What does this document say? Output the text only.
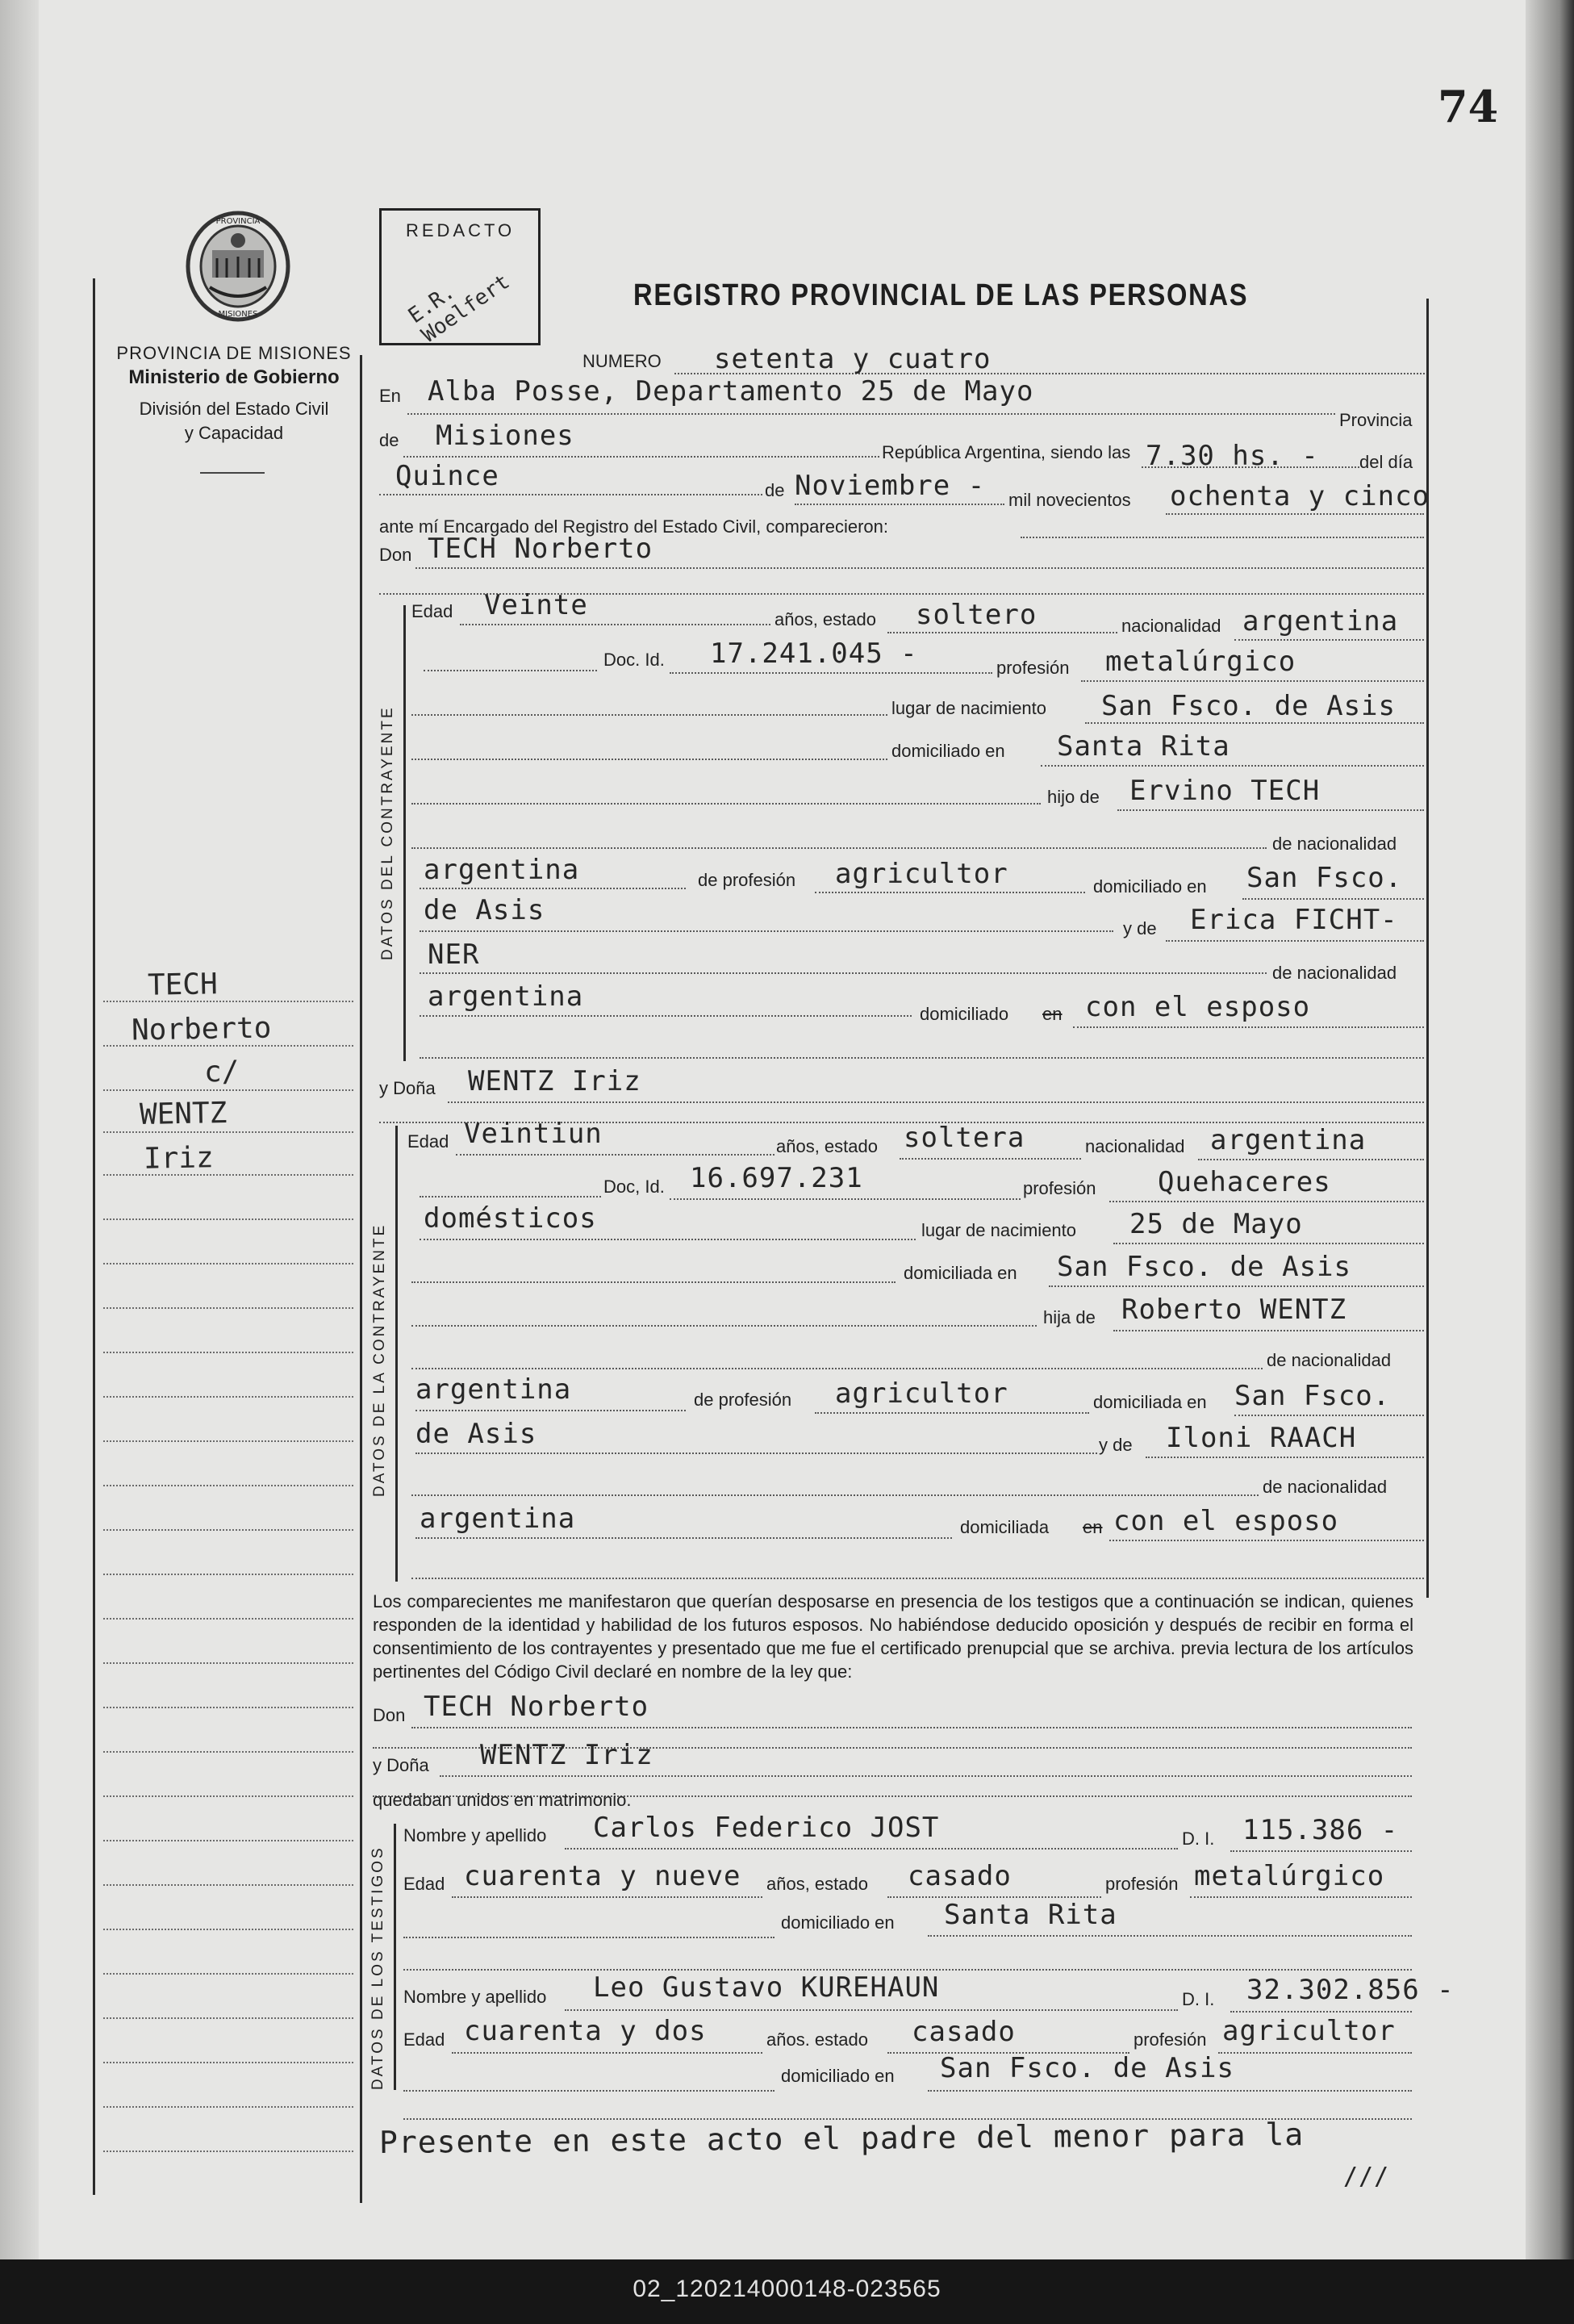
74
PROVINCIA
MISIONES
PROVINCIA DE MISIONES
Ministerio de Gobierno
División del Estado Civil
y Capacidad
TECH
Norberto
c/
WENTZ
Iriz
REDACTO
E.R. Woelfert	REGISTRO PROVINCIAL DE LAS PERSONAS
NUMERO setenta y cuatro
En Alba Posse, Departamento 25 de Mayo
Provincia
de Misiones
República Argentina, siendo las 7.30 hs. - del día
Quince	de Noviembre - mil novecientos ochenta y cinco
ante mí Encargado del Registro del Estado Civil, comparecieron:
Don TECH Norberto
DATOS DEL CONTRAYENTE
Edad Veinte	años, estado soltero	nacionalidad argentina
Doc. Id. 17.241.045 -	profesión metalúrgico
lugar de nacimiento San Fsco. de Asis
domiciliado en Santa Rita
hijo de Ervino TECH
de nacionalidad
argentina	de profesión agricultor	domiciliado en San Fsco.
de Asis
y de Erica FICHT-
NER
de nacionalidad
argentina
domiciliado en con el esposo
y Doña WENTZ Iriz
DATOS DE LA CONTRAYENTE
Edad Veintiun	años, estado soltera	nacionalidad argentina
Doc, Id. 16.697.231	profesión Quehaceres
domésticos	lugar de nacimiento 25 de Mayo
domiciliada en San Fsco. de Asis
hija de Roberto WENTZ
de nacionalidad
argentina	de profesión agricultor	domiciliada en San Fsco.
de Asis	y de Iloni RAACH
de nacionalidad
argentina	domiciliada en con el esposo
Los comparecientes me manifestaron que querían desposarse en presencia de los testigos que a continuación se indican, quienes responden de la identidad y habilidad de los futuros esposos. No habiéndose deducido oposición y después de recibir en forma el consentimiento de los contrayentes y presentado que me fue el certificado prenupcial que se archiva. previa lectura de los artículos pertinentes del Código Civil declaré en nombre de la ley que:
Don TECH Norberto
y Doña WENTZ Iriz
quedaban unidos en matrimonio.
DATOS DE LOS TESTIGOS
Nombre y apellido Carlos Federico JOST	D. I. 115.386 -
Edad cuarenta y nueve años, estado casado	profesión metalúrgico
domiciliado en Santa Rita
Nombre y apellido Leo Gustavo KUREHAUN	D. I. 32.302.856 -
Edad cuarenta y dos	años. estado casado	profesión agricultor
domiciliado en San Fsco. de Asis
Presente en este acto el padre del menor para la
///
02_120214000148-023565
